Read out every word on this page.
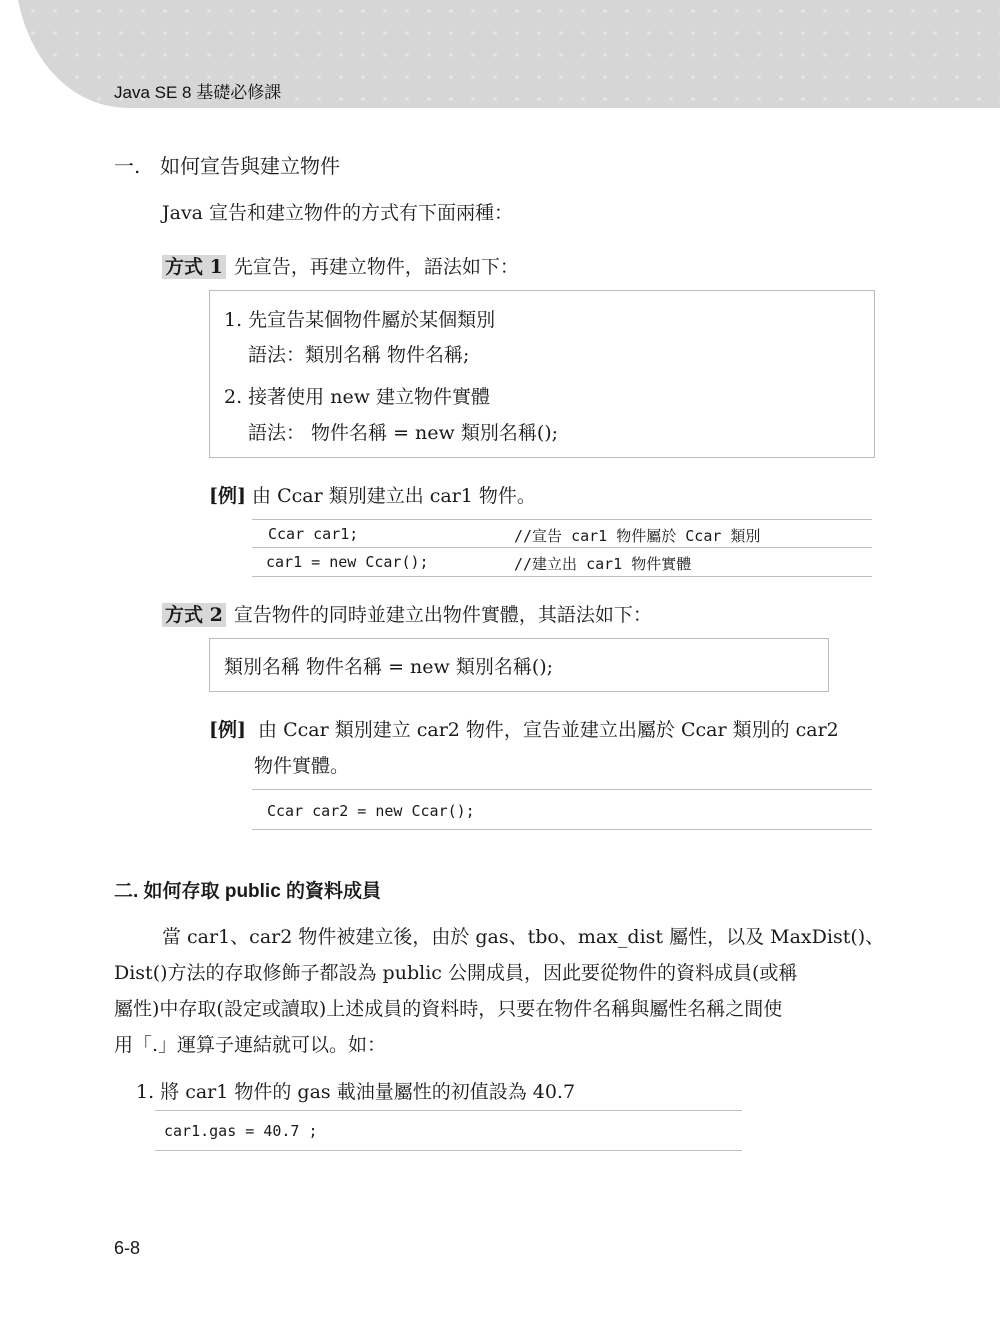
Java SE 8 基礎必修課
一. 如何宣告與建立物件
Java 宣告和建立物件的方式有下面兩種：
方式 1 先宣告，再建立物件，語法如下：
1. 先宣告某個物件屬於某個類別
語法：類別名稱 物件名稱;
2. 接著使用 new 建立物件實體
語法： 物件名稱 = new 類別名稱();
[例] 由 Ccar 類別建立出 car1 物件。
Ccar car1;	//宣告 car1 物件屬於 Ccar 類別
car1 = new Ccar();	//建立出 car1 物件實體
方式 2 宣告物件的同時並建立出物件實體，其語法如下：
類別名稱 物件名稱 = new 類別名稱();
[例] 由 Ccar 類別建立 car2 物件，宣告並建立出屬於 Ccar 類別的 car2
物件實體。
Ccar car2 = new Ccar();
二. 如何存取 public 的資料成員
當 car1、car2 物件被建立後，由於 gas、tbo、max_dist 屬性，以及 MaxDist()、
Dist()方法的存取修飾子都設為 public 公開成員，因此要從物件的資料成員(或稱
屬性)中存取(設定或讀取)上述成員的資料時，只要在物件名稱與屬性名稱之間使
用「.」運算子連結就可以。如：
1. 將 car1 物件的 gas 載油量屬性的初值設為 40.7
car1.gas = 40.7 ;
6-8
